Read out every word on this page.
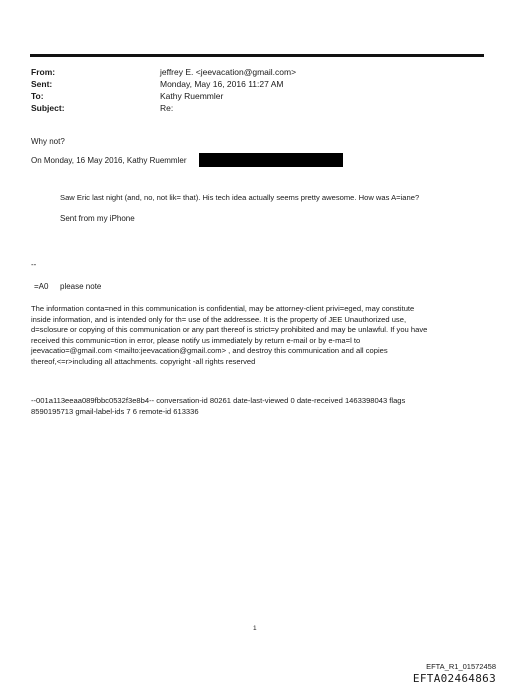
From:	jeffrey E. <jeevacation@gmail.com>
Sent:	Monday, May 16, 2016 11:27 AM
To:	Kathy Ruemmler
Subject:	Re:
Why not?
On Monday, 16 May 2016, Kathy Ruemmler
Saw Eric last night (and, no, not lik= that). His tech idea actually seems pretty awesome. How was A=iane?
Sent from my iPhone
--
=A0 please note
The information conta=ned in this communication is confidential, may be attorney-client privi=eged, may constitute
inside information, and is intended only for th= use of the addressee. It is the property of JEE Unauthorized use,
d=sclosure or copying of this communication or any part thereof is strict=y prohibited and may be unlawful. If you have
received this communic=tion in error, please notify us immediately by return e-mail or by e-ma=l to
jeevacatio=@gmail.com <mailto:jeevacation@gmail.com> , and destroy this communication and all copies
thereof,<=r>including all attachments. copyright -all rights reserved
--001a113eeaa089fbbc0532f3e8b4-- conversation-id 80261 date-last-viewed 0 date-received 1463398043 flags
8590195713 gmail-label-ids 7 6 remote-id 613336
1
EFTA_R1_01572458
EFTA02464863
